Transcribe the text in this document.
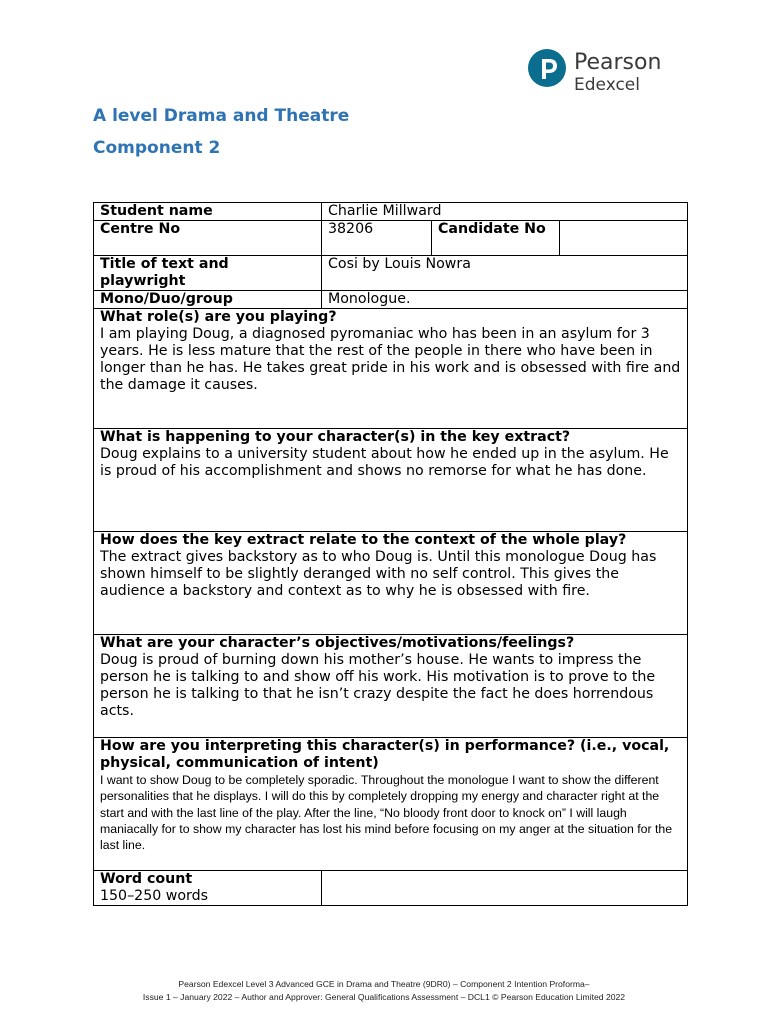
Pearson
Edexcel
A level Drama and Theatre
Component 2
Student name	Charlie Millward		
Centre No	38206	Candidate No	
Title of text and playwright	Cosi by Louis Nowra		
Mono/Duo/group	Monologue.		

What role(s) are you playing?
I am playing Doug, a diagnosed pyromaniac who has been in an asylum for 3 years. He is less mature that the rest of the people in there who have been in longer than he has. He takes great pride in his work and is obsessed with fire and the damage it causes.			

What is happening to your character(s) in the key extract?
Doug explains to a university student about how he ended up in the asylum. He is proud of his accomplishment and shows no remorse for what he has done.			

How does the key extract relate to the context of the whole play?
The extract gives backstory as to who Doug is. Until this monologue Doug has shown himself to be slightly deranged with no self control. This gives the audience a backstory and context as to why he is obsessed with fire.			

What are your character’s objectives/motivations/feelings?
Doug is proud of burning down his mother’s house. He wants to impress the person he is talking to and show off his work. His motivation is to prove to the person he is talking to that he isn’t crazy despite the fact he does horrendous acts.			

How are you interpreting this character(s) in performance? (i.e., vocal, physical, communication of intent)
I want to show Doug to be completely sporadic. Throughout the monologue I want to show the different personalities that he displays. I will do this by completely dropping my energy and character right at the start and with the last line of the play. After the line, “No bloody front door to knock on” I will laugh maniacally for to show my character has lost his mind before focusing on my anger at the situation for the last line.			

Word count
150–250 words			

Pearson Edexcel Level 3 Advanced GCE in Drama and Theatre (9DR0) – Component 2 Intention Proforma–
Issue 1 – January 2022 – Author and Approver: General Qualifications Assessment – DCL1 © Pearson Education Limited 2022
